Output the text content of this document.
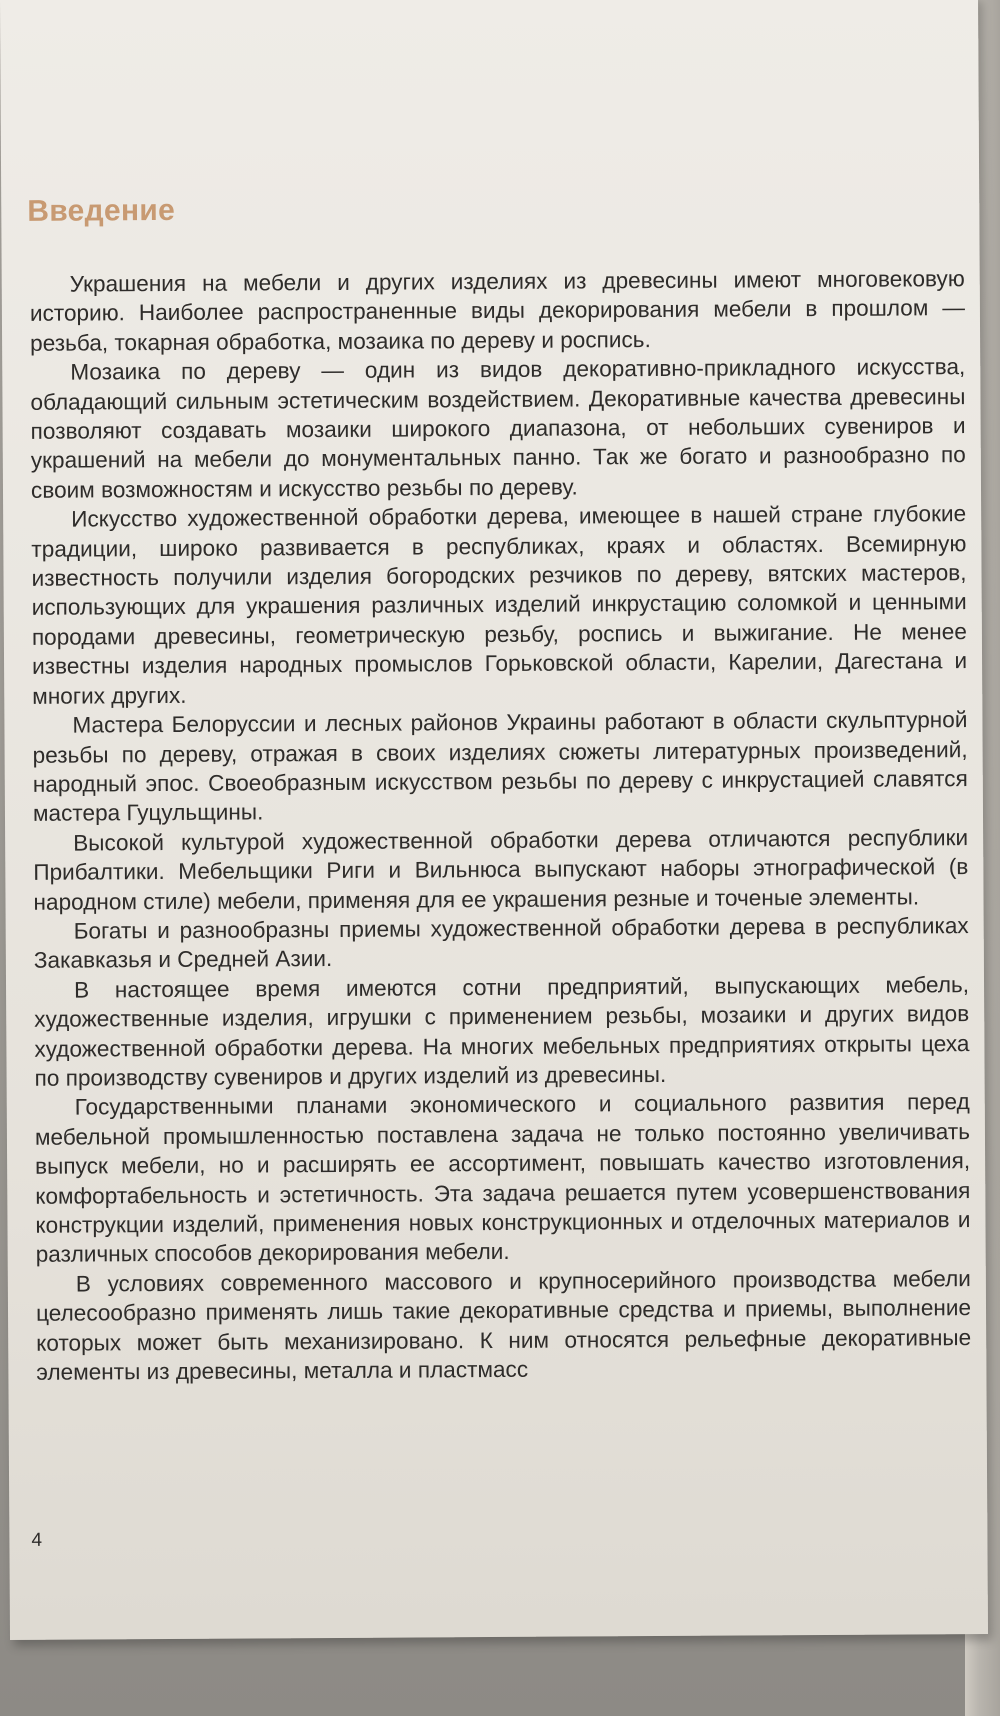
Введение

Украшения на мебели и других изделиях из древесины имеют многовековую историю. Наиболее распространенные виды декорирования мебели в прошлом — резьба, токарная обработка, мозаика по дереву и роспись.

Мозаика по дереву — один из видов декоративно-прикладного искусства, обладающий сильным эстетическим воздействием. Декоративные качества древесины позволяют создавать мозаики широкого диапазона, от небольших сувениров и украшений на мебели до монументальных панно. Так же богато и разнообразно по своим возможностям и искусство резьбы по дереву.

Искусство художественной обработки дерева, имеющее в нашей стране глубокие традиции, широко развивается в республиках, краях и областях. Всемирную известность получили изделия богородских резчиков по дереву, вятских мастеров, использующих для украшения различных изделий инкрустацию соломкой и ценными породами древесины, геометрическую резьбу, роспись и выжигание. Не менее известны изделия народных промыслов Горьковской области, Карелии, Дагестана и многих других.

Мастера Белоруссии и лесных районов Украины работают в области скульптурной резьбы по дереву, отражая в своих изделиях сюжеты литературных произведений, народный эпос. Своеобразным искусством резьбы по дереву с инкрустацией славятся мастера Гуцульщины.

Высокой культурой художественной обработки дерева отличаются республики Прибалтики. Мебельщики Риги и Вильнюса выпускают наборы этнографической (в народном стиле) мебели, применяя для ее украшения резные и точеные элементы.

Богаты и разнообразны приемы художественной обработки дерева в республиках Закавказья и Средней Азии.

В настоящее время имеются сотни предприятий, выпускающих мебель, художественные изделия, игрушки с применением резьбы, мозаики и других видов художественной обработки дерева. На многих мебельных предприятиях открыты цеха по производству сувениров и других изделий из древесины.

Государственными планами экономического и социального развития перед мебельной промышленностью поставлена задача не только постоянно увеличивать выпуск мебели, но и расширять ее ассортимент, повышать качество изготовления, комфортабельность и эстетичность. Эта задача решается путем усовершенствования конструкции изделий, применения новых конструкционных и отделочных материалов и различных способов декорирования мебели.

В условиях современного массового и крупносерийного производства мебели целесообразно применять лишь такие декоративные средства и приемы, выполнение которых может быть механизировано. К ним относятся рельефные декоративные элементы из древесины, металла и пластмасс

4
